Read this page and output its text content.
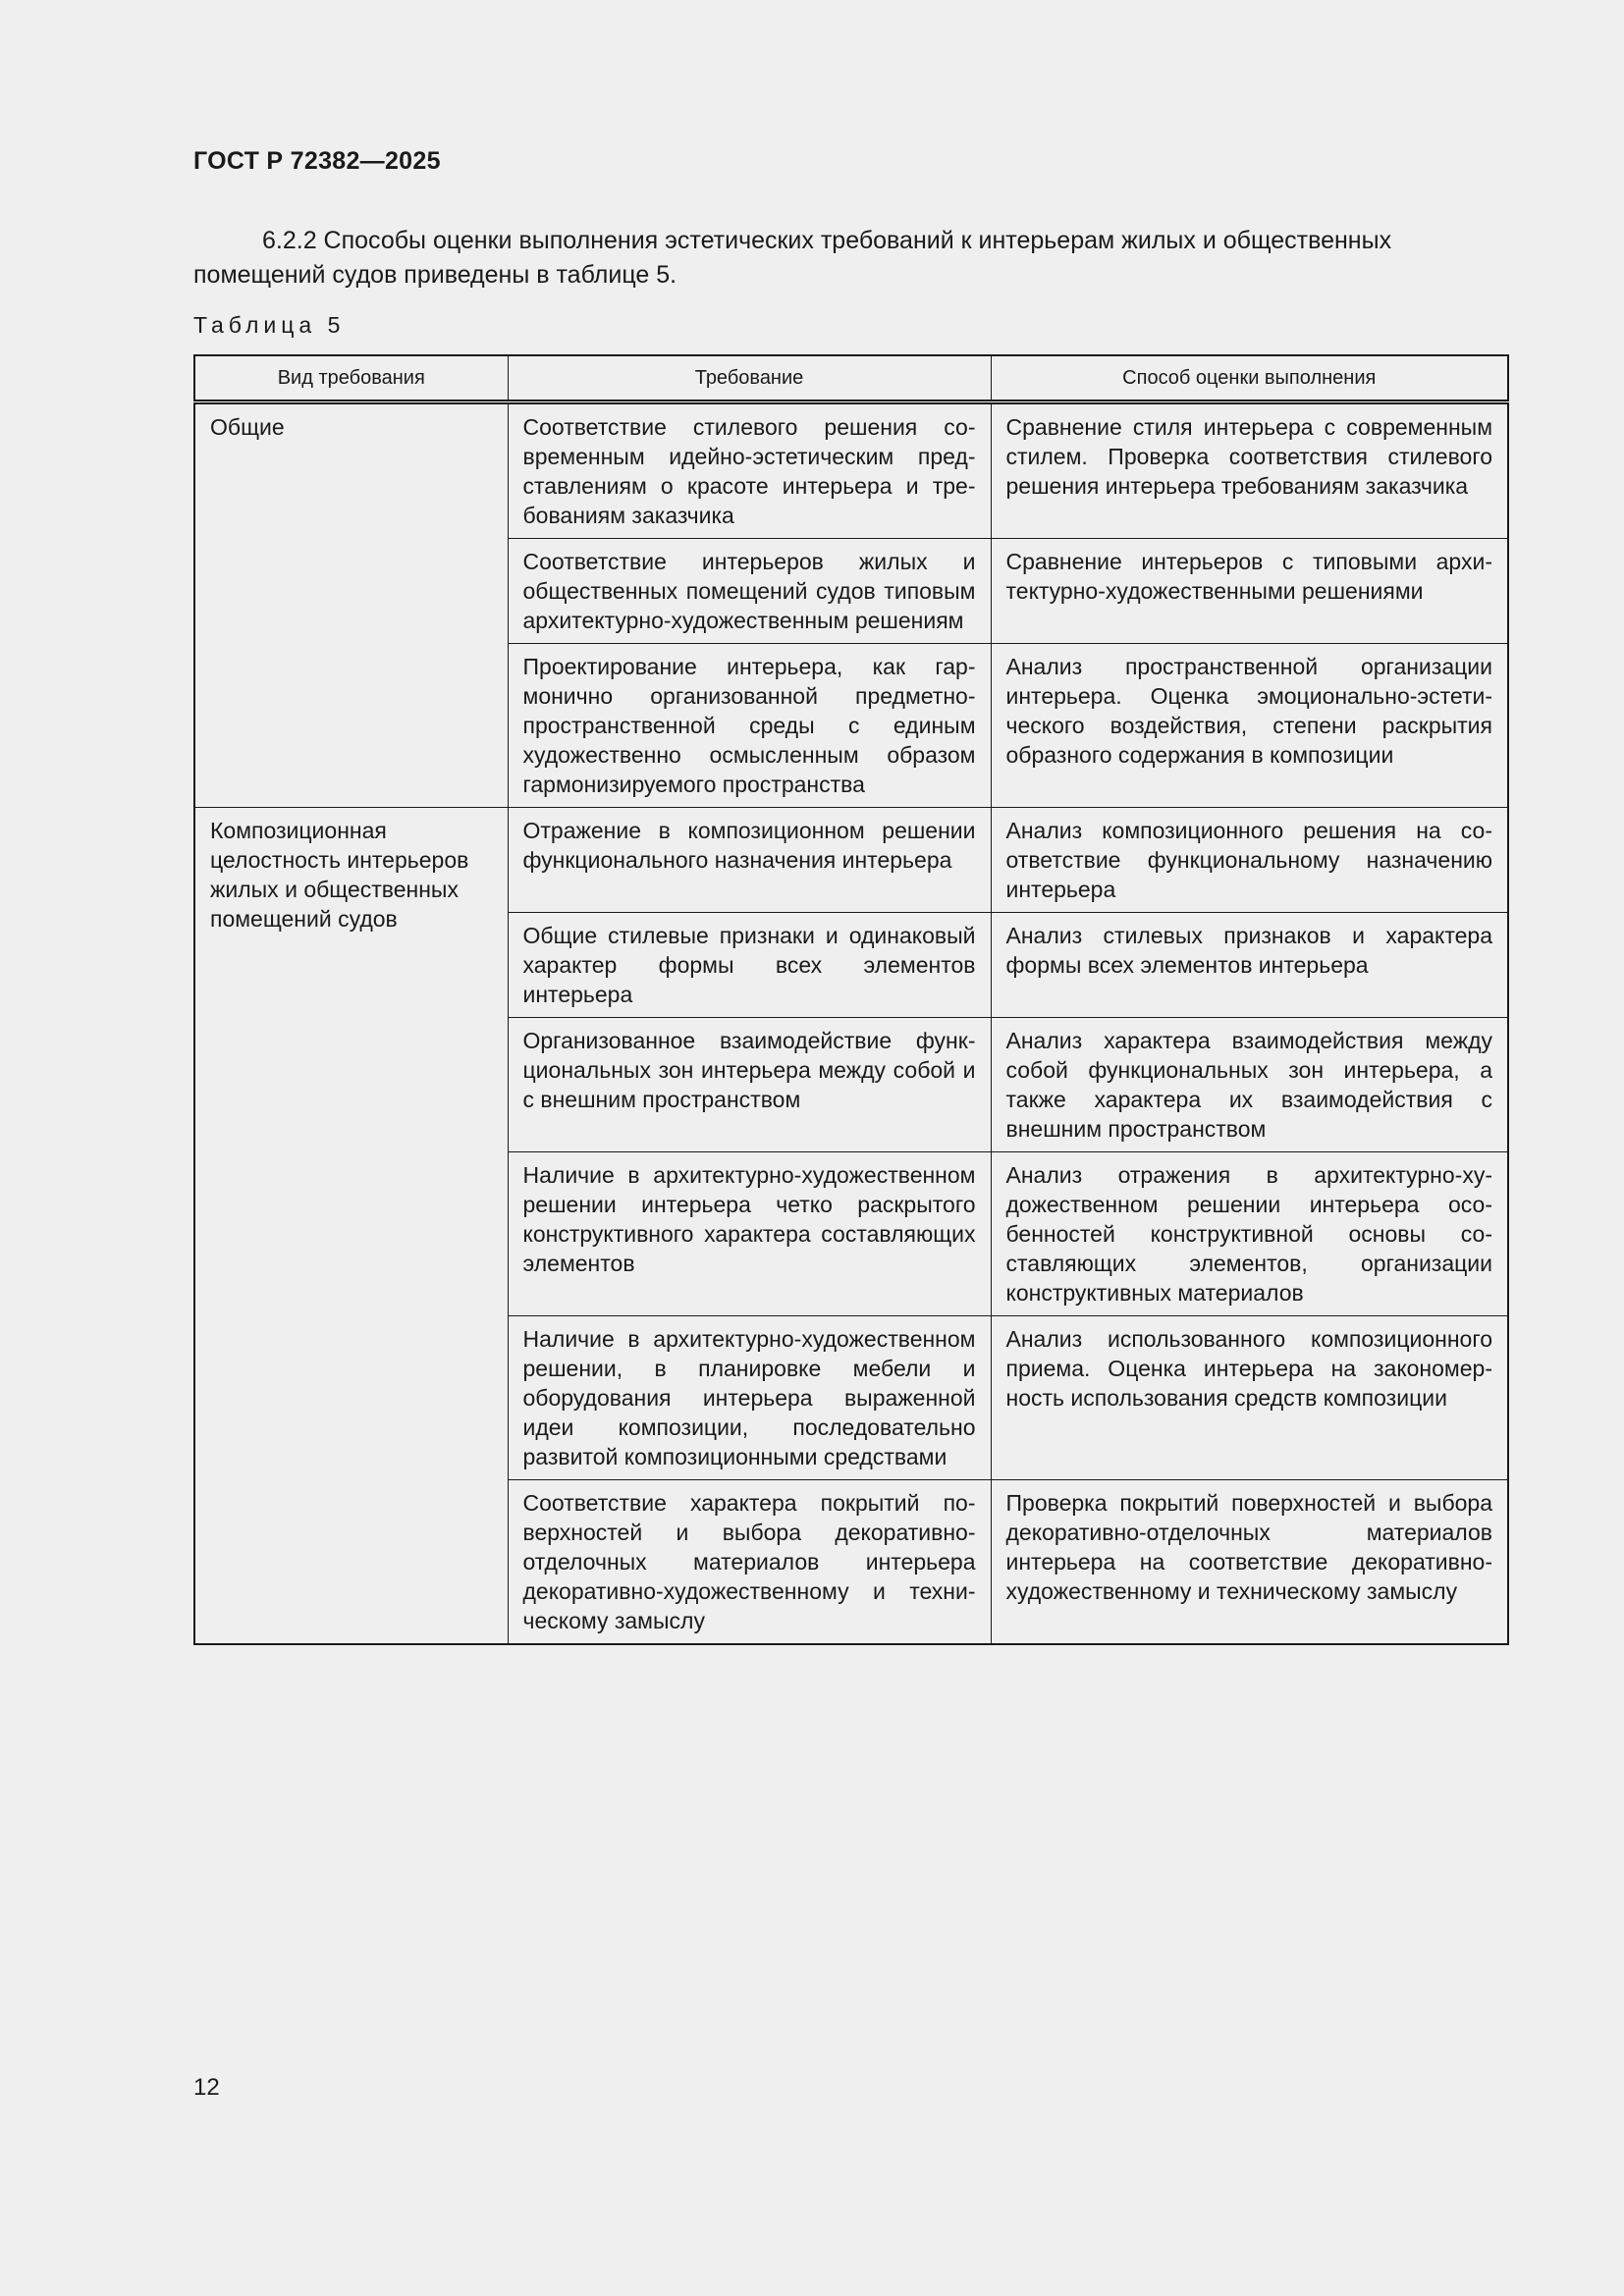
ГОСТ Р 72382—2025

6.2.2 Способы оценки выполнения эстетических требований к интерьерам жилых и общественных помещений судов приведены в таблице 5.

Таблица 5
Вид требования	Требование	Способ оценки выполнения
Общие	Соответствие стилевого решения современным идейно-эстетическим представлениям о красоте интерьера и требованиям заказчика	Сравнение стиля интерьера с современным стилем. Проверка соответствия стилевого решения интерьера требованиям заказчика
	Соответствие интерьеров жилых и общественных помещений судов типовым архитектурно-художественным решениям	Сравнение интерьеров с типовыми архитектурно-художественными решениями
	Проектирование интерьера, как гармонично организованной предметно-пространственной среды с единым художественно осмысленным образом гармонизируемого пространства	Анализ пространственной организации интерьера. Оценка эмоционально-эстетического воздействия, степени раскрытия образного содержания в композиции
Композиционная целостность интерьеров жилых и общественных помещений судов	Отражение в композиционном решении функционального назначения интерьера	Анализ композиционного решения на соответствие функциональному назначению интерьера
	Общие стилевые признаки и одинаковый характер формы всех элементов интерьера	Анализ стилевых признаков и характера формы всех элементов интерьера
	Организованное взаимодействие функциональных зон интерьера между собой и с внешним пространством	Анализ характера взаимодействия между собой функциональных зон интерьера, а также характера их взаимодействия с внешним пространством
	Наличие в архитектурно-художественном решении интерьера четко раскрытого конструктивного характера составляющих элементов	Анализ отражения в архитектурно-художественном решении интерьера особенностей конструктивной основы составляющих элементов, организации конструктивных материалов
	Наличие в архитектурно-художественном решении, в планировке мебели и оборудования интерьера выраженной идеи композиции, последовательно развитой композиционными средствами	Анализ использованного композиционного приема. Оценка интерьера на закономерность использования средств композиции
	Соответствие характера покрытий поверхностей и выбора декоративно-отделочных материалов интерьера декоративно-художественному и техническому замыслу	Проверка покрытий поверхностей и выбора декоративно-отделочных материалов интерьера на соответствие декоративно-художественному и техническому замыслу
12
